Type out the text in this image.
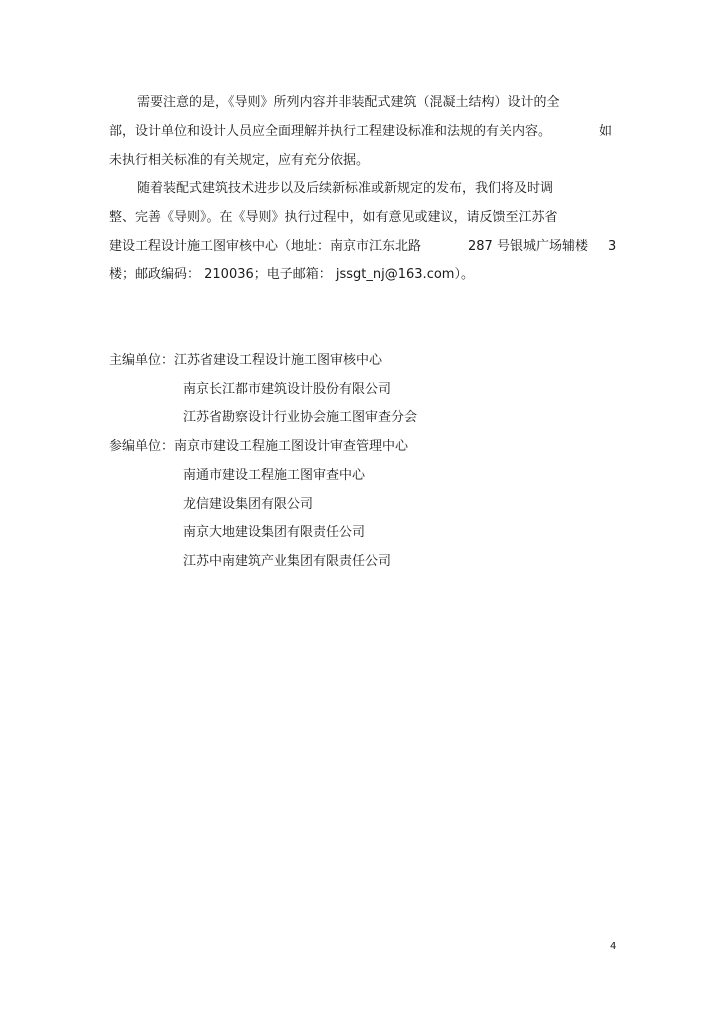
需要注意的是，《导则》所列内容并非装配式建筑（混凝土结构）设计的全
部，设计单位和设计人员应全面理解并执行工程建设标准和法规的有关内容。	如
未执行相关标准的有关规定，应有充分依据。
随着装配式建筑技术进步以及后续新标准或新规定的发布，我们将及时调
整、完善《导则》。在《导则》执行过程中，如有意见或建议，请反馈至江苏省
建设工程设计施工图审核中心（地址：南京市江东北路	287 号银城广场辅楼 3
楼；邮政编码： 210036；电子邮箱： jssgt_nj@163.com）。
主编单位：江苏省建设工程设计施工图审核中心
南京长江都市建筑设计股份有限公司
江苏省勘察设计行业协会施工图审查分会
参编单位：南京市建设工程施工图设计审查管理中心
南通市建设工程施工图审查中心
龙信建设集团有限公司
南京大地建设集团有限责任公司
江苏中南建筑产业集团有限责任公司
4
